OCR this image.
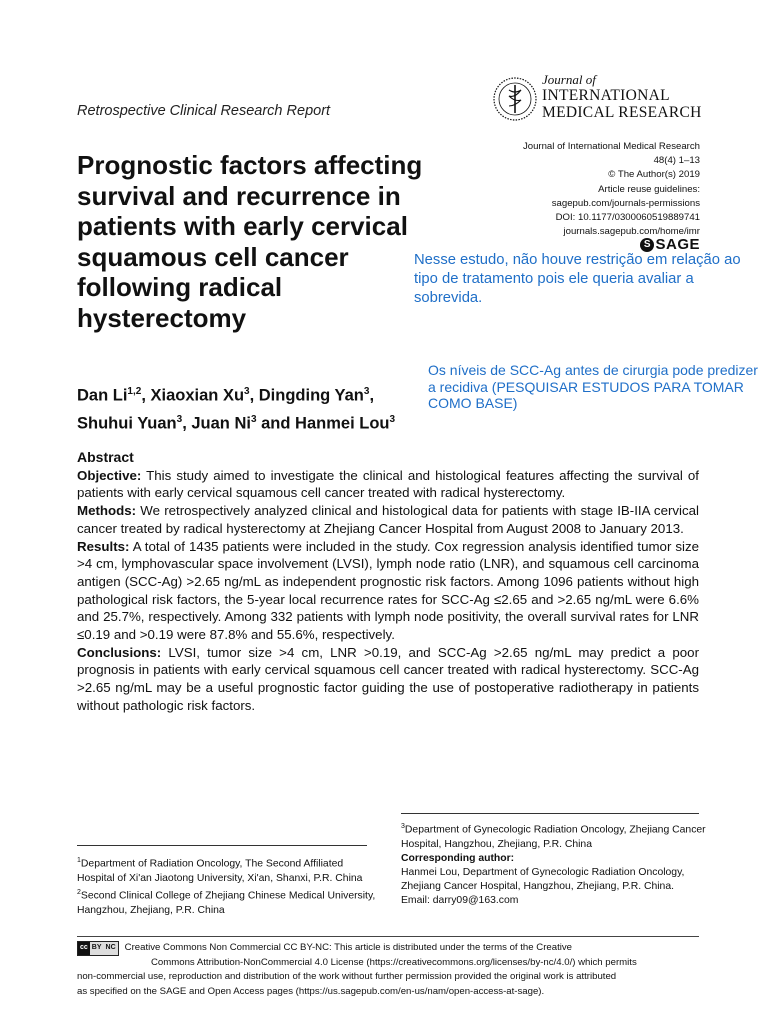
Retrospective Clinical Research Report
Journal of
INTERNATIONAL
MEDICAL RESEARCH
Journal of International Medical Research
48(4) 1–13
© The Author(s) 2019
Article reuse guidelines:
sagepub.com/journals-permissions
DOI: 10.1177/0300060519889741
journals.sagepub.com/home/imr
S SAGE
Prognostic factors affecting
survival and recurrence in
patients with early cervical
squamous cell cancer
following radical
hysterectomy
Nesse estudo, não houve restrição em relação ao tipo de tratamento pois ele queria avaliar a sobrevida.
Dan Li$^{1,2}$, Xiaoxian Xu$^3$, Dingding Yan$^3$,
Shuhui Yuan$^3$, Juan Ni$^3$ and Hanmei Lou$^3$
Os níveis de SCC-Ag antes de cirurgia pode predizer a recidiva (PESQUISAR ESTUDOS PARA TOMAR COMO BASE)

Abstract

Objective: This study aimed to investigate the clinical and histological features affecting the survival of patients with early cervical squamous cell cancer treated with radical hysterectomy.

Methods: We retrospectively analyzed clinical and histological data for patients with stage IB-IIA cervical cancer treated by radical hysterectomy at Zhejiang Cancer Hospital from August 2008 to January 2013.

Results: A total of 1435 patients were included in the study. Cox regression analysis identified tumor size >4 cm, lymphovascular space involvement (LVSI), lymph node ratio (LNR), and squamous cell carcinoma antigen (SCC-Ag) >2.65 ng/mL as independent prognostic risk factors. Among 1096 patients without high pathological risk factors, the 5-year local recurrence rates for SCC-Ag ≤2.65 and >2.65 ng/mL were 6.6% and 25.7%, respectively. Among 332 patients with lymph node positivity, the overall survival rates for LNR ≤0.19 and >0.19 were 87.8% and 55.6%, respectively.

Conclusions: LVSI, tumor size >4 cm, LNR >0.19, and SCC-Ag >2.65 ng/mL may predict a poor prognosis in patients with early cervical squamous cell cancer treated with radical hysterectomy. SCC-Ag >2.65 ng/mL may be a useful prognostic factor guiding the use of postoperative radiotherapy in patients without pathologic risk factors.

$^3$Department of Gynecologic Radiation Oncology, Zhejiang Cancer Hospital, Hangzhou, Zhejiang, P.R. China
Corresponding author:
Hanmei Lou, Department of Gynecologic Radiation Oncology, Zhejiang Cancer Hospital, Hangzhou, Zhejiang, P.R. China.
Email: darry09@163.com
$^1$Department of Radiation Oncology, The Second Affiliated Hospital of Xi'an Jiaotong University, Xi'an, Shanxi, P.R. China
$^2$Second Clinical College of Zhejiang Chinese Medical University, Hangzhou, Zhejiang, P.R. China
cc BY NC Creative Commons Non Commercial CC BY-NC: This article is distributed under the terms of the Creative
Commons Attribution-NonCommercial 4.0 License (https://creativecommons.org/licenses/by-nc/4.0/) which permits
non-commercial use, reproduction and distribution of the work without further permission provided the original work is attributed
as specified on the SAGE and Open Access pages (https://us.sagepub.com/en-us/nam/open-access-at-sage).
